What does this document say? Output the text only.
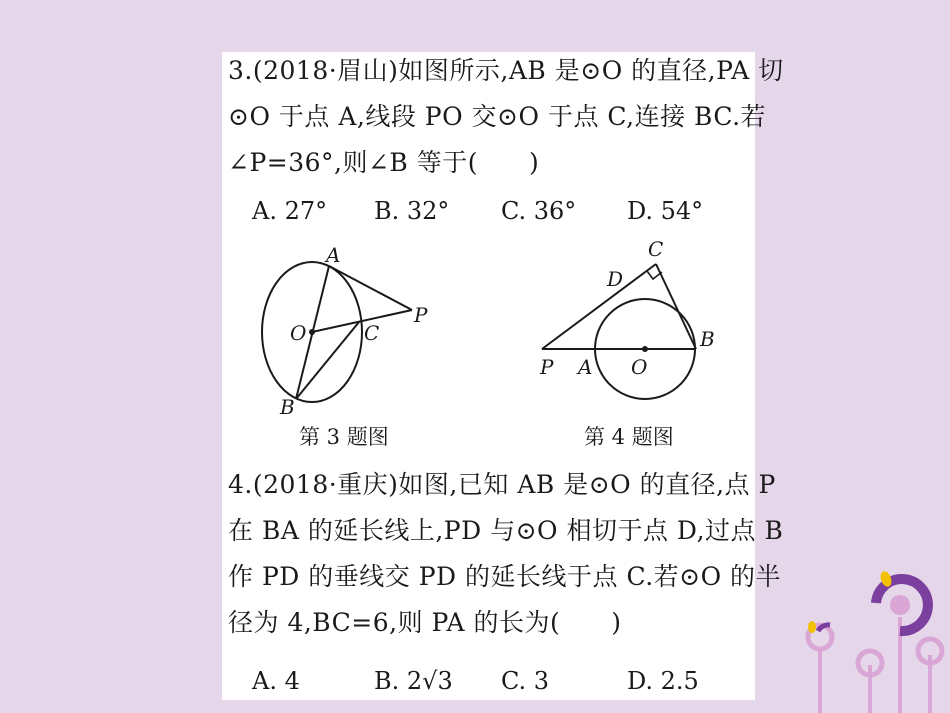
3.(2018·眉山)如图所示,AB 是⊙O 的直径,PA 切
⊙O 于点 A,线段 PO 交⊙O 于点 C,连接 BC.若
∠P=36°,则∠B 等于(　　)
A. 27° B. 32° C. 36° D. 54°
A
P
O	C
B
C
D
B
P A O
第 3 题图	第 4 题图
4.(2018·重庆)如图,已知 AB 是⊙O 的直径,点 P
在 BA 的延长线上,PD 与⊙O 相切于点 D,过点 B
作 PD 的垂线交 PD 的延长线于点 C.若⊙O 的半
径为 4,BC=6,则 PA 的长为(　　)
A. 4	B. 2√3 C. 3	D. 2.5
